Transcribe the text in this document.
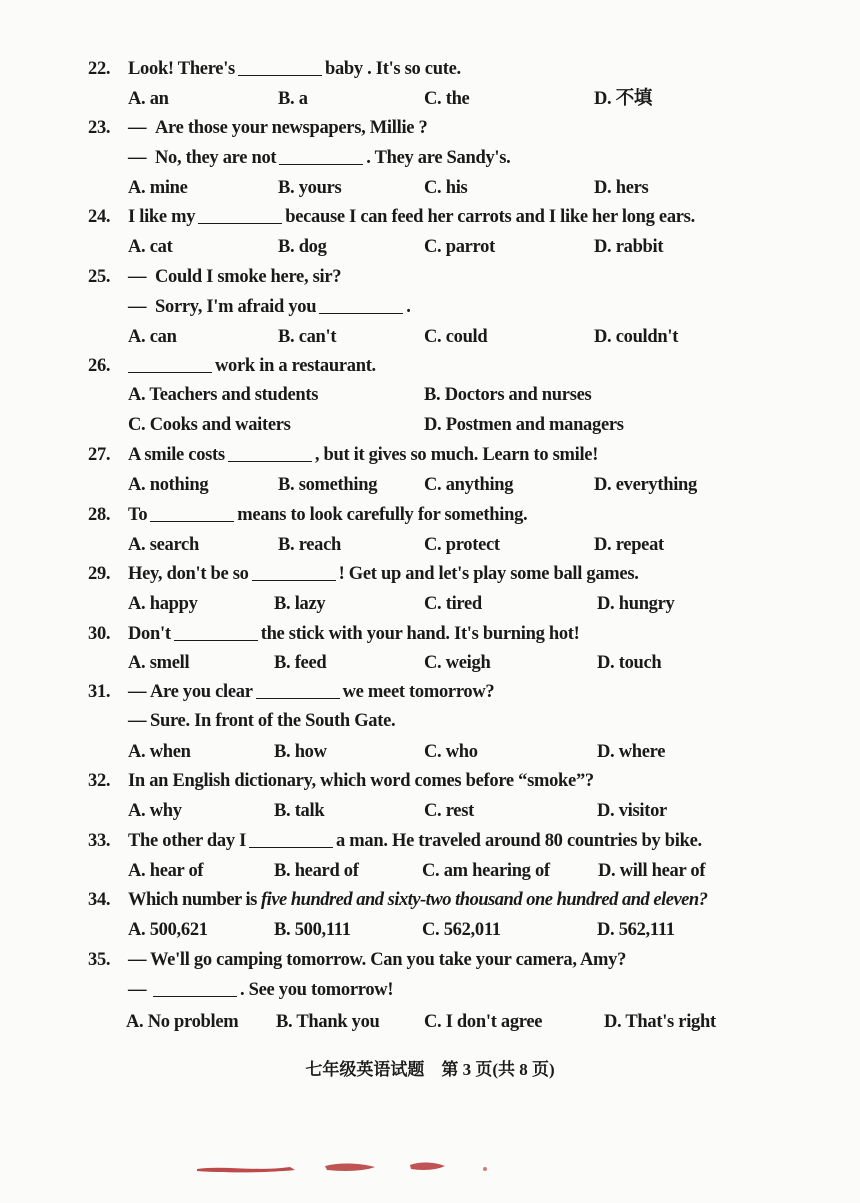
22. Look! There's	baby . It's so cute.
A. an	B. a	C. the	D. 不填
23. — Are those your newspapers, Millie ?
— No, they are not	. They are Sandy's.
A. mine	B. yours	C. his	D. hers
24. I like my	because I can feed her carrots and I like her long ears.
A. cat	B. dog	C. parrot	D. rabbit
25. — Could I smoke here, sir?
— Sorry, I'm afraid you	.
A. can	B. can't	C. could	D. couldn't
26.	work in a restaurant.
A. Teachers and students	B. Doctors and nurses
C. Cooks and waiters	D. Postmen and managers
27. A smile costs	, but it gives so much. Learn to smile!
A. nothing	B. something	C. anything	D. everything
28. To	means to look carefully for something.
A. search	B. reach	C. protect	D. repeat
29. Hey, don't be so	! Get up and let's play some ball games.
A. happy	B. lazy	C. tired	D. hungry
30. Don't	the stick with your hand. It's burning hot!
A. smell	B. feed	C. weigh	D. touch
31. — Are you clear	we meet tomorrow?
— Sure. In front of the South Gate.
A. when	B. how	C. who	D. where
32. In an English dictionary, which word comes before “smoke”?
A. why	B. talk	C. rest	D. visitor
33. The other day I	a man. He traveled around 80 countries by bike.
A. hear of	B. heard of	C. am hearing of	D. will hear of
34. Which number is five hundred and sixty-two thousand one hundred and eleven?
A. 500,621	B. 500,111	C. 562,011	D. 562,111
35. — We'll go camping tomorrow. Can you take your camera, Amy?
—	. See you tomorrow!
A. No problem B. Thank you C. I don't agree	D. That's right
七年级英语试题　第 3 页(共 8 页)
